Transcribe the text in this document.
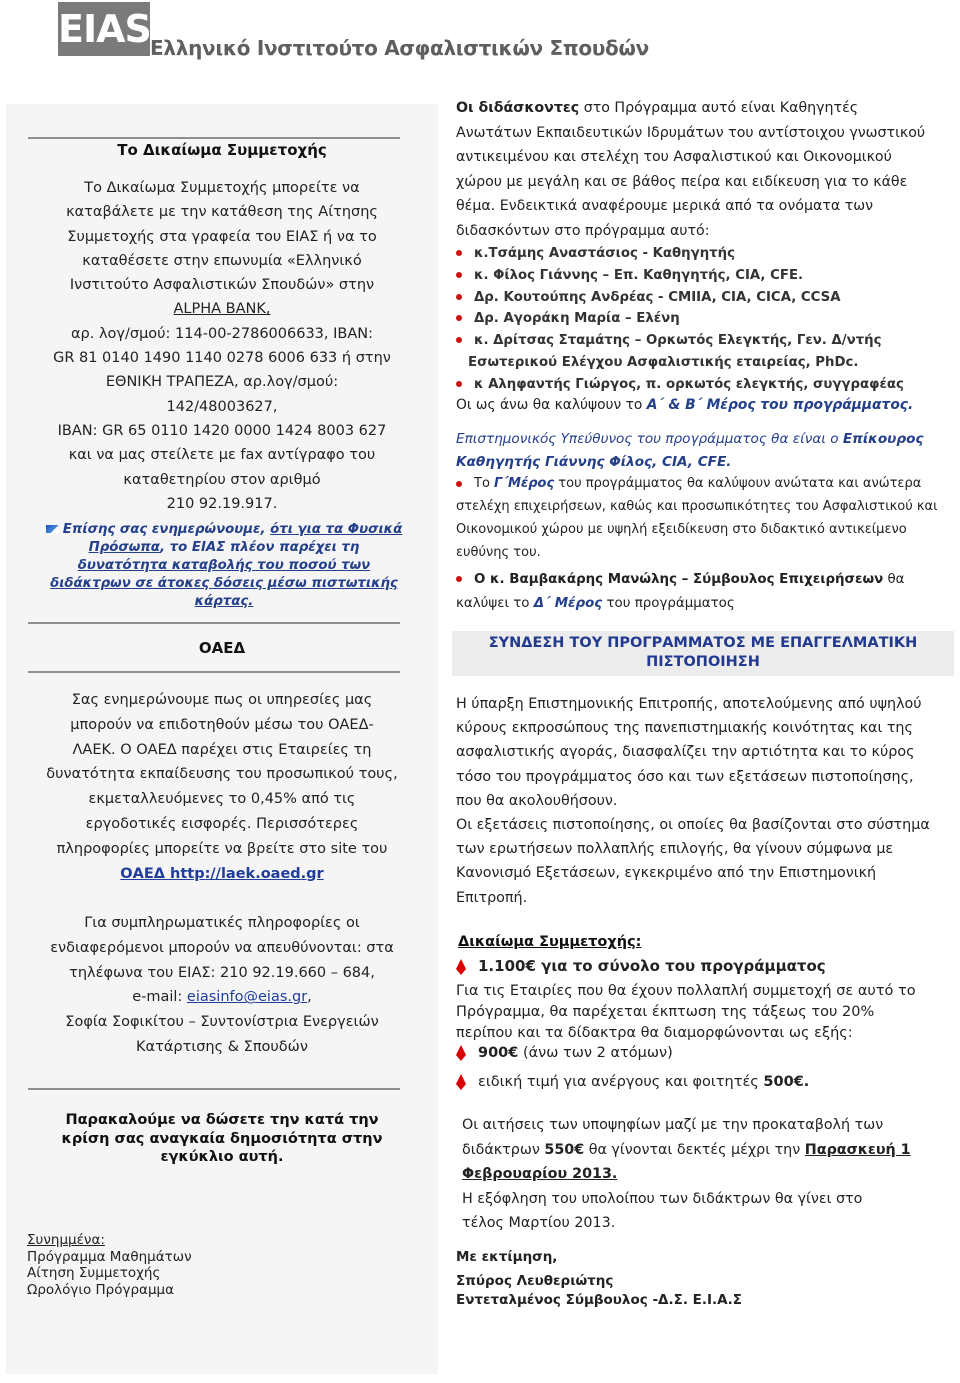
EIΑS Ελληνικό Ινστιτούτο Ασφαλιστικών Σπουδών
Το Δικαίωμα Συμμετοχής
Το Δικαίωμα Συμμετοχής μπορείτε να
καταβάλετε με την κατάθεση της Αίτησης
Συμμετοχής στα γραφεία του ΕΙΑΣ ή να το
καταθέσετε στην επωνυμία «Ελληνικό
Ινστιτούτο Ασφαλιστικών Σπουδών» στην
ALPHA BANK,
αρ. λογ/σμού: 114-00-2786006633, IBAN:
GR 81 0140 1490 1140 0278 6006 633 ή στην
ΕΘΝΙΚΗ ΤΡΑΠΕΖΑ, αρ.λογ/σμού:
142/48003627,
IBAN: GR 65 0110 1420 0000 1424 8003 627
και να μας στείλετε με fax αντίγραφο του
καταθετηρίου στον αριθμό
210 92.19.917.
Επίσης σας ενημερώνουμε, ότι για τα Φυσικά
Πρόσωπα, το ΕΙΑΣ πλέον παρέχει τη
δυνατότητα καταβολής του ποσού των
διδάκτρων σε άτοκες δόσεις μέσω πιστωτικής
κάρτας.
ΟΑΕΔ
Σας ενημερώνουμε πως οι υπηρεσίες μας
μπορούν να επιδοτηθούν μέσω του ΟΑΕΔ-
ΛΑΕΚ. Ο ΟΑΕΔ παρέχει στις Εταιρείες τη
δυνατότητα εκπαίδευσης του προσωπικού τους,
εκμεταλλευόμενες το 0,45% από τις
εργοδοτικές εισφορές. Περισσότερες
πληροφορίες μπορείτε να βρείτε στο site του
ΟΑΕΔ http://laek.oaed.gr
Για συμπληρωματικές πληροφορίες οι
ενδιαφερόμενοι μπορούν να απευθύνονται: στα
τηλέφωνα του ΕΙΑΣ: 210 92.19.660 – 684,
e-mail: eiasinfo@eias.gr,
Σοφία Σοφικίτου – Συντονίστρια Ενεργειών
Κατάρτισης & Σπουδών
Παρακαλούμε να δώσετε την κατά την
κρίση σας αναγκαία δημοσιότητα στην
εγκύκλιο αυτή.
Συνημμένα:
Πρόγραμμα Μαθημάτων
Αίτηση Συμμετοχής
Ωρολόγιο Πρόγραμμα
Οι διδάσκοντες στο Πρόγραμμα αυτό είναι Καθηγητές
Ανωτάτων Εκπαιδευτικών Ιδρυμάτων του αντίστοιχου γνωστικού
αντικειμένου και στελέχη του Ασφαλιστικού και Οικονομικού
χώρου με μεγάλη και σε βάθος πείρα και ειδίκευση για το κάθε
θέμα. Ενδεικτικά αναφέρουμε μερικά από τα ονόματα των
διδασκόντων στο πρόγραμμα αυτό:
κ.Τσάμης Αναστάσιος - Καθηγητής
κ. Φίλος Γιάννης – Επ. Καθηγητής, CIA, CFE.
Δρ. Κουτούπης Ανδρέας - CMIIA, CIA, CICA, CCSA
Δρ. Αγοράκη Μαρία – Ελένη
κ. Δρίτσας Σταμάτης – Ορκωτός Ελεγκτής, Γεν. Δ/ντής
Εσωτερικού Ελέγχου Ασφαλιστικής εταιρείας, PhDc.
κ Αληφαντής Γιώργος, π. ορκωτός ελεγκτής, συγγραφέας
Οι ως άνω θα καλύψουν το Α΄ & Β΄ Μέρος του προγράμματος.
Επιστημονικός Υπεύθυνος του προγράμματος θα είναι ο Επίκουρος
Καθηγητής Γιάννης Φίλος, CIA, CFE.
Το Γ΄Μέρος του προγράμματος θα καλύψουν ανώτατα και ανώτερα
στελέχη επιχειρήσεων, καθώς και προσωπικότητες του Ασφαλιστικού και
Οικονομικού χώρου με υψηλή εξειδίκευση στο διδακτικό αντικείμενο
ευθύνης του.
Ο κ. Βαμβακάρης Μανώλης – Σύμβουλος Επιχειρήσεων θα
καλύψει το Δ΄ Μέρος του προγράμματος
ΣΥΝΔΕΣΗ ΤΟΥ ΠΡΟΓΡΑΜΜΑΤΟΣ ΜΕ ΕΠΑΓΓΕΛΜΑΤΙΚΗ
ΠΙΣΤΟΠΟΙΗΣΗ
Η ύπαρξη Επιστημονικής Επιτροπής, αποτελούμενης από υψηλού
κύρους εκπροσώπους της πανεπιστημιακής κοινότητας και της
ασφαλιστικής αγοράς, διασφαλίζει την αρτιότητα και το κύρος
τόσο του προγράμματος όσο και των εξετάσεων πιστοποίησης,
που θα ακολουθήσουν.
Οι εξετάσεις πιστοποίησης, οι οποίες θα βασίζονται στο σύστημα
των ερωτήσεων πολλαπλής επιλογής, θα γίνουν σύμφωνα με
Κανονισμό Εξετάσεων, εγκεκριμένο από την Επιστημονική
Επιτροπή.
Δικαίωμα Συμμετοχής:
1.100€ για το σύνολο του προγράμματος
Για τις Εταιρίες που θα έχουν πολλαπλή συμμετοχή σε αυτό το
Πρόγραμμα, θα παρέχεται έκπτωση της τάξεως του 20%
περίπου και τα δίδακτρα θα διαμορφώνονται ως εξής:
900€ (άνω των 2 ατόμων)
ειδική τιμή για ανέργους και φοιτητές 500€.
Οι αιτήσεις των υποψηφίων μαζί με την προκαταβολή των
διδάκτρων 550€ θα γίνονται δεκτές μέχρι την Παρασκευή 1
Φεβρουαρίου 2013.
Η εξόφληση του υπολοίπου των διδάκτρων θα γίνει στο
τέλος Μαρτίου 2013.
Με εκτίμηση,
Σπύρος Λευθεριώτης
Εντεταλμένος Σύμβουλος -Δ.Σ. Ε.Ι.Α.Σ
